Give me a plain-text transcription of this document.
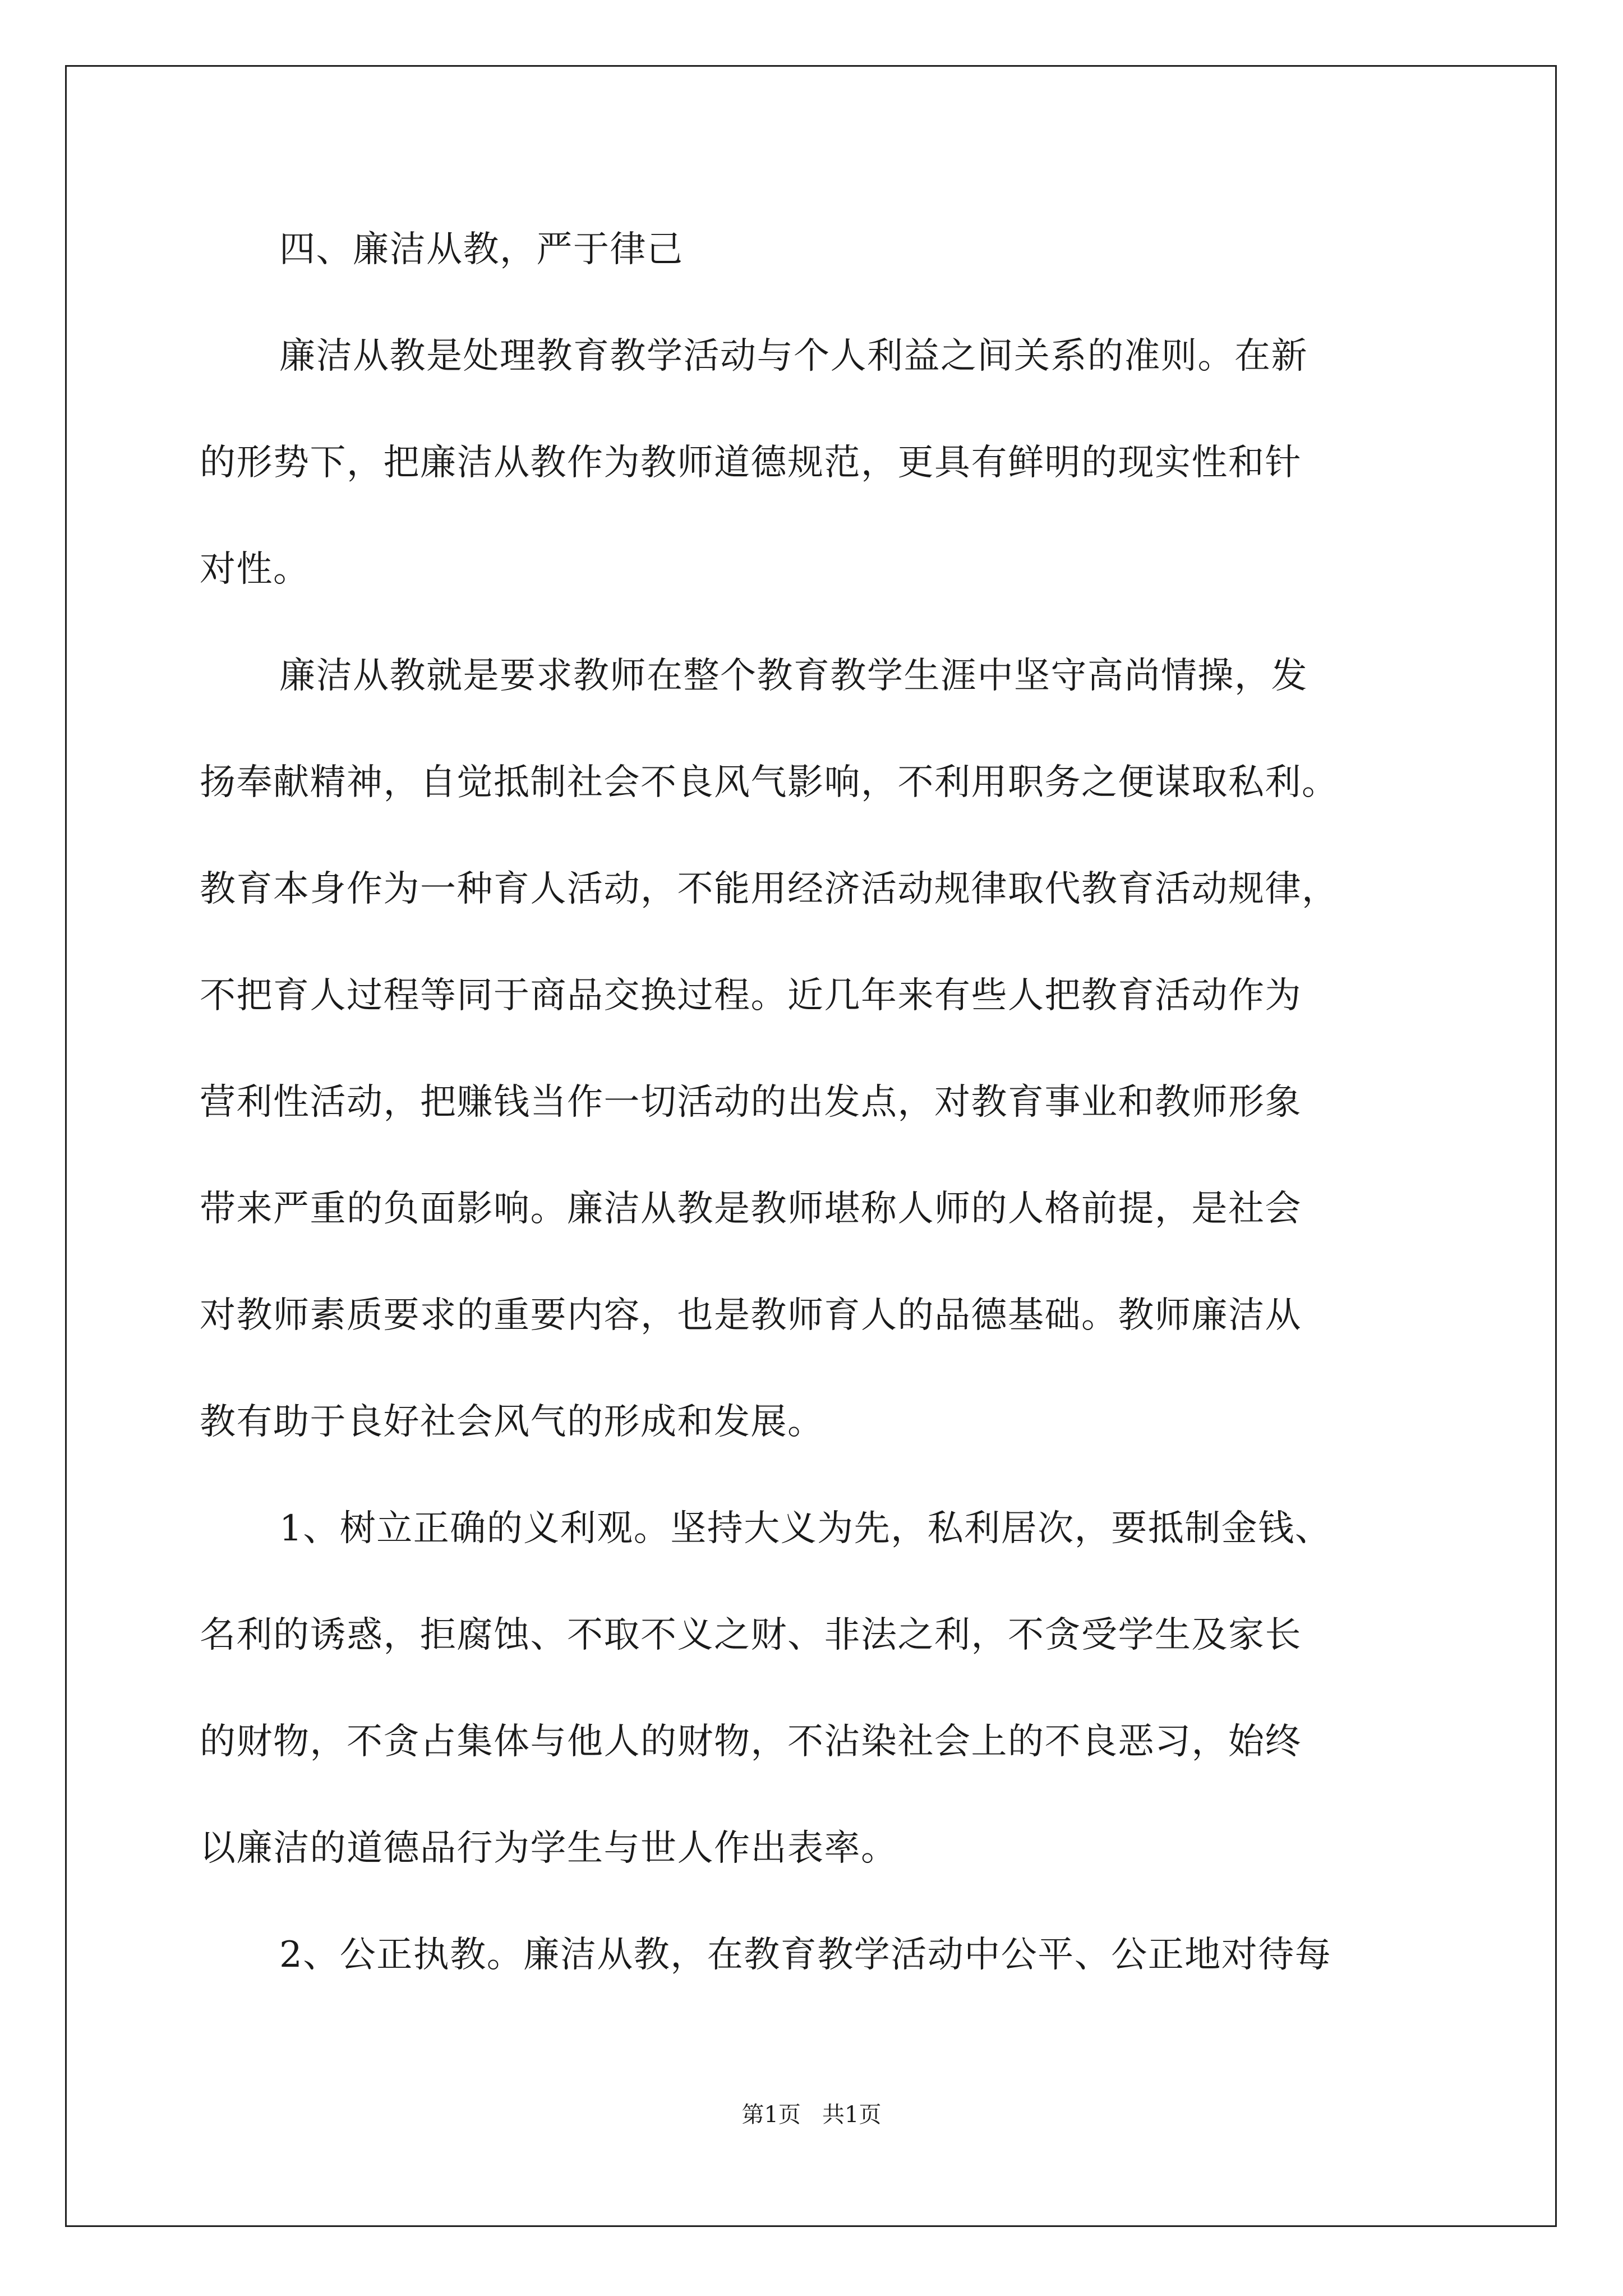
四、廉洁从教，严于律己
廉洁从教是处理教育教学活动与个人利益之间关系的准则。在新
的形势下，把廉洁从教作为教师道德规范，更具有鲜明的现实性和针
对性。
廉洁从教就是要求教师在整个教育教学生涯中坚守高尚情操，发
扬奉献精神，自觉抵制社会不良风气影响，不利用职务之便谋取私利。
教育本身作为一种育人活动，不能用经济活动规律取代教育活动规律，
不把育人过程等同于商品交换过程。近几年来有些人把教育活动作为
营利性活动，把赚钱当作一切活动的出发点，对教育事业和教师形象
带来严重的负面影响。廉洁从教是教师堪称人师的人格前提，是社会
对教师素质要求的重要内容，也是教师育人的品德基础。教师廉洁从
教有助于良好社会风气的形成和发展。
1、树立正确的义利观。坚持大义为先，私利居次，要抵制金钱、
名利的诱惑，拒腐蚀、不取不义之财、非法之利，不贪受学生及家长
的财物，不贪占集体与他人的财物，不沾染社会上的不良恶习，始终
以廉洁的道德品行为学生与世人作出表率。
2、公正执教。廉洁从教，在教育教学活动中公平、公正地对待每
第1页   共1页
